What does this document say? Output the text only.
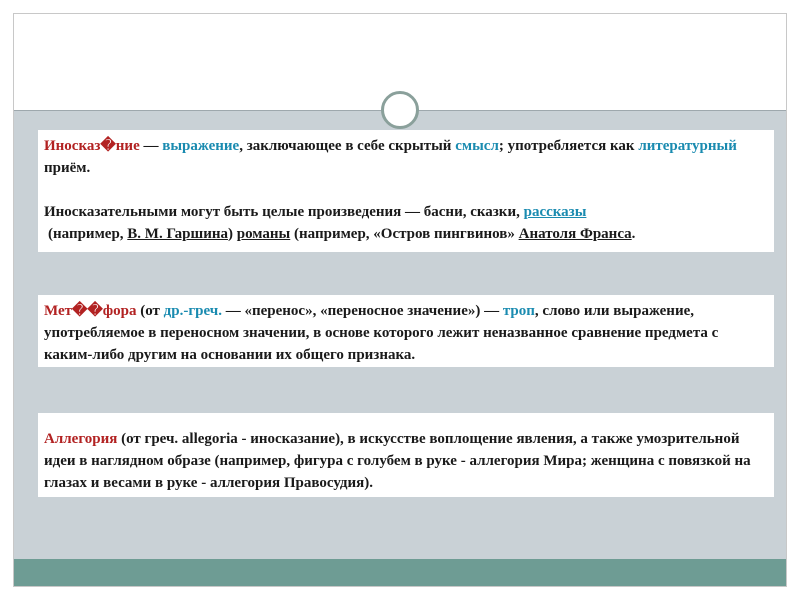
Иносказ�ние — выражение, заключающее в себе скрытый смысл; употребляется как литературный приём.

Иносказательными могут быть целые произведения — басни, сказки, рассказы
(например, В. М. Гаршина) романы (например, «Остров пингвинов» Анатоля Франса.

Мет��фора (от др.-греч. — «перенос», «переносное значение») — троп, слово или выражение, употребляемое в переносном значении, в основе которого лежит неназванное сравнение предмета с каким-либо другим на основании их общего признака.

Аллегория (от греч. allegoria - иносказание), в искусстве воплощение явления, а также умозрительной идеи в наглядном образе (например, фигура с голубем в руке - аллегория Мира; женщина с повязкой на глазах и весами в руке - аллегория Правосудия).
